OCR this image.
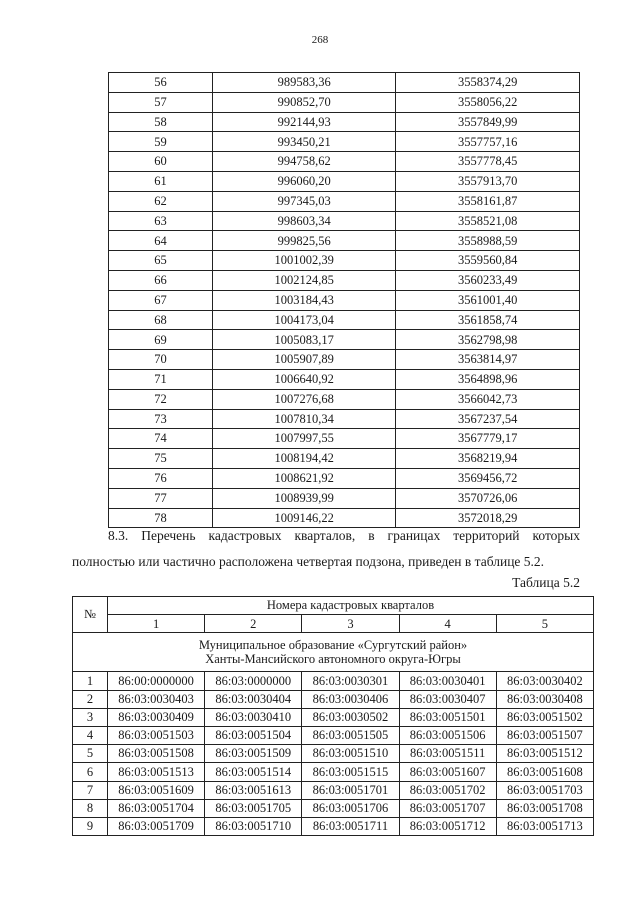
268
56	989583,36	3558374,29
57	990852,70	3558056,22
58	992144,93	3557849,99
59	993450,21	3557757,16
60	994758,62	3557778,45
61	996060,20	3557913,70
62	997345,03	3558161,87
63	998603,34	3558521,08
64	999825,56	3558988,59
65	1001002,39	3559560,84
66	1002124,85	3560233,49
67	1003184,43	3561001,40
68	1004173,04	3561858,74
69	1005083,17	3562798,98
70	1005907,89	3563814,97
71	1006640,92	3564898,96
72	1007276,68	3566042,73
73	1007810,34	3567237,54
74	1007997,55	3567779,17
75	1008194,42	3568219,94
76	1008621,92	3569456,72
77	1008939,99	3570726,06
78	1009146,22	3572018,29
8.3. Перечень кадастровых кварталов, в границах территорий которых
полностью или частично расположена четвертая подзона, приведен в таблице 5.2.
Таблица 5.2
№	Номера кадастровых кварталов				
	1	2	3	4	5

Муниципальное образование «Сургутский район»
Ханты-Мансийского автономного округа-Югры					

1	86:00:0000000	86:03:0000000	86:03:0030301	86:03:0030401	86:03:0030402
2	86:03:0030403	86:03:0030404	86:03:0030406	86:03:0030407	86:03:0030408
3	86:03:0030409	86:03:0030410	86:03:0030502	86:03:0051501	86:03:0051502
4	86:03:0051503	86:03:0051504	86:03:0051505	86:03:0051506	86:03:0051507
5	86:03:0051508	86:03:0051509	86:03:0051510	86:03:0051511	86:03:0051512
6	86:03:0051513	86:03:0051514	86:03:0051515	86:03:0051607	86:03:0051608
7	86:03:0051609	86:03:0051613	86:03:0051701	86:03:0051702	86:03:0051703
8	86:03:0051704	86:03:0051705	86:03:0051706	86:03:0051707	86:03:0051708
9	86:03:0051709	86:03:0051710	86:03:0051711	86:03:0051712	86:03:0051713
